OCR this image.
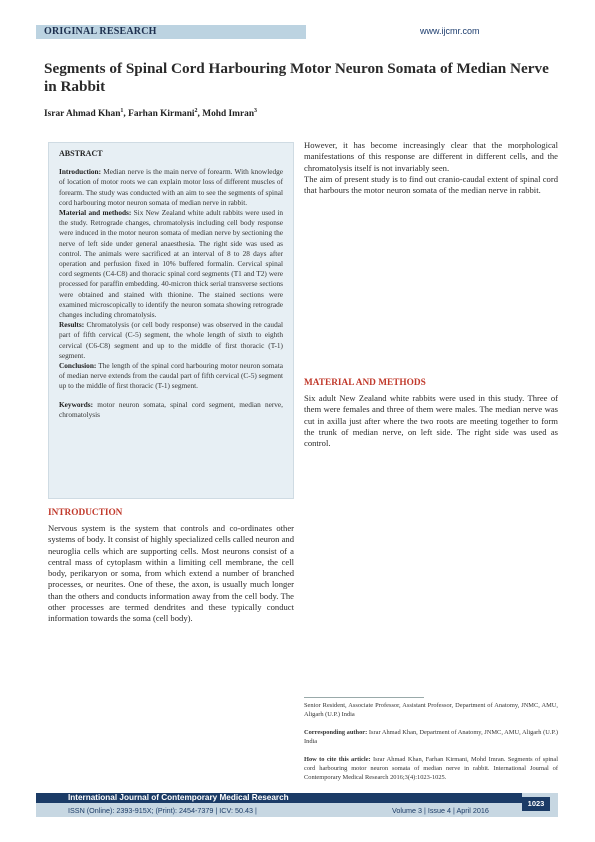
ORIGINAL RESEARCH	www.ijcmr.com
Segments of Spinal Cord Harbouring Motor Neuron Somata of Median Nerve in Rabbit
Israr Ahmad Khan$^1$, Farhan Kirmani$^2$, Mohd Imran$^3$
ABSTRACT

Introduction: Median nerve is the main nerve of forearm. With knowledge of location of motor roots we can explain motor loss of different muscles of forearm. The study was conducted with an aim to see the segments of spinal cord harbouring motor neuron somata of median nerve in rabbit.

Material and methods: Six New Zealand white adult rabbits were used in the study. Retrograde changes, chromatolysis including cell body response were induced in the motor neuron somata of median nerve by sectioning the nerve of left side under general anaesthesia. The right side was used as control. The animals were sacrificed at an interval of 8 to 28 days after operation and perfusion fixed in 10% buffered formalin. Cervical spinal cord segments (C4-C8) and thoracic spinal cord segments (T1 and T2) were processed for paraffin embedding. 40-micron thick serial transverse sections were obtained and stained with thionine. The stained sections were examined microscopically to identify the neuron somata showing retrograde changes including chromatolysis.

Results: Chromatolysis (or cell body response) was observed in the caudal part of fifth cervical (C-5) segment, the whole length of sixth to eighth cervical (C6-C8) segment and up to the middle of first thoracic (T-1) segment.

Conclusion: The length of the spinal cord harbouring motor neuron somata of median nerve extends from the caudal part of fifth cervical (C-5) segment up to the middle of first thoracic (T-1) segment.

Keywords: motor neuron somata, spinal cord segment, median nerve, chromatolysis

INTRODUCTION

Nervous system is the system that controls and co-ordinates other systems of body. It consist of highly specialized cells called neuron and neuroglia cells which are supporting cells. Most neurons consist of a central mass of cytoplasm within a limiting cell membrane, the cell body, perikaryon or soma, from which extend a number of branched processes, or neurites. One of these, the axon, is usually much longer than the others and conducts information away from the cell body. The other processes are termed dendrites and these typically conduct information towards the soma (cell body).

However, it has become increasingly clear that the morphological manifestations of this response are different in different cells, and the chromatolysis itself is not invariably seen.

The aim of present study is to find out cranio-caudal extent of spinal cord that harbours the motor neuron somata of the median nerve in rabbit.

MATERIAL AND METHODS

Six adult New Zealand white rabbits were used in this study. Three of them were females and three of them were males. The median nerve was cut in axilla just after where the two roots are meeting together to form the trunk of median nerve, on left side. The right side was used as control.

Senior Resident, Associate Professor, Assistant Professor, Department of Anatomy, JNMC, AMU, Aligarh (U.P.) India

Corresponding author: Israr Ahmad Khan, Department of Anatomy, JNMC, AMU, Aligarh (U.P.) India

How to cite this article: Israr Ahmad Khan, Farhan Kirmani, Mohd Imran. Segments of spinal cord harbouring motor neuron somata of median nerve in rabbit. International Journal of Contemporary Medical Research 2016;3(4):1023-1025.

International Journal of Contemporary Medical Research
ISSN (Online): 2393-915X; (Print): 2454-7379 | ICV: 50.43 |	Volume 3 | Issue 4 | April 2016
1023
